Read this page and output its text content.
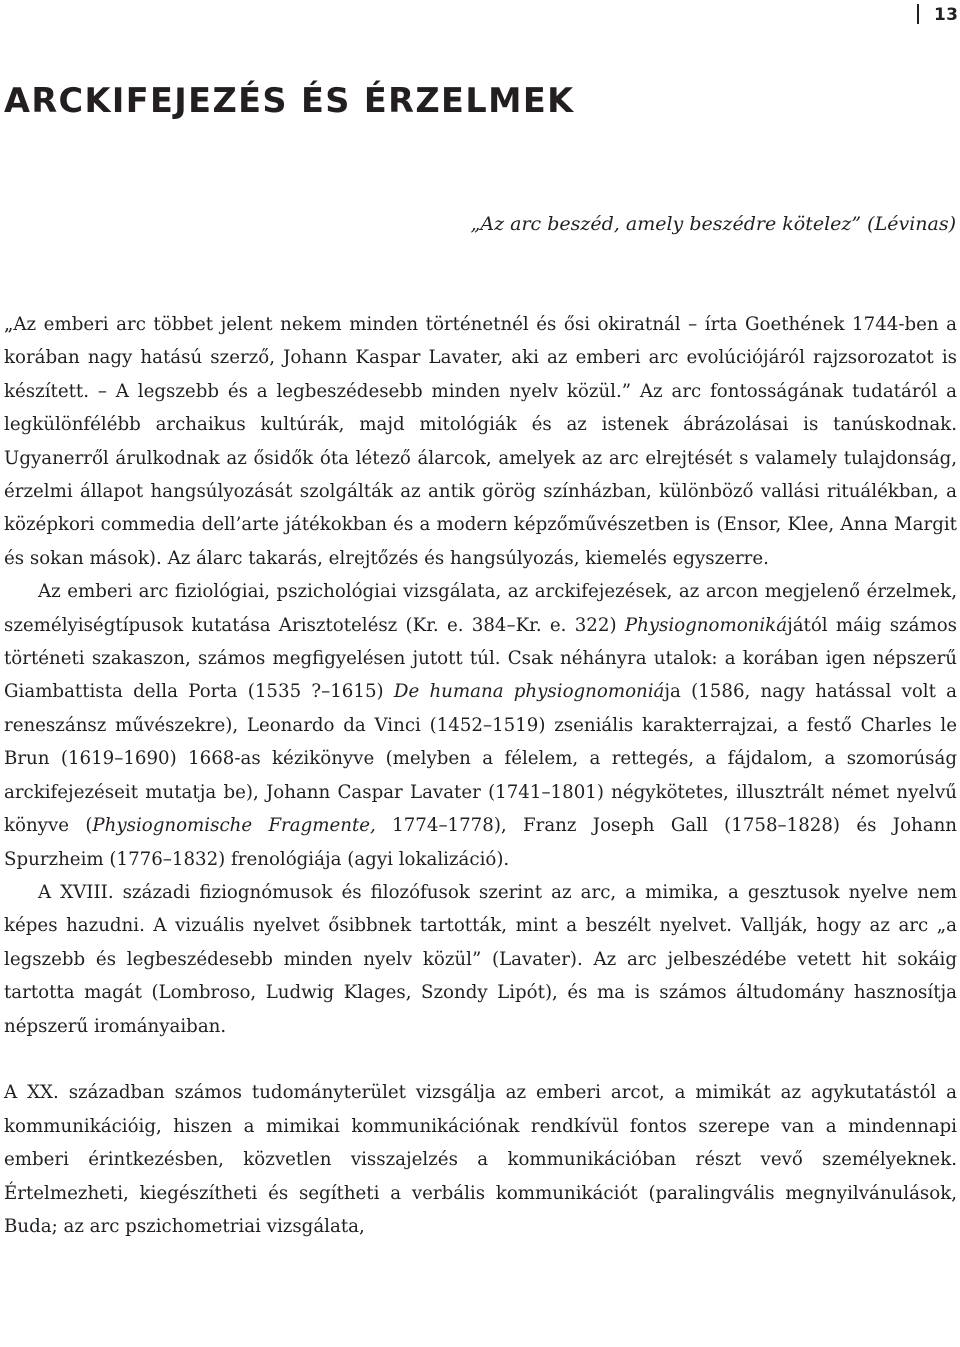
13
ARCKIFEJEZÉS ÉS ÉRZELMEK

„Az arc beszéd, amely beszédre kötelez” (Lévinas)

„Az emberi arc többet jelent nekem minden történetnél és ősi okiratnál – írta Goethének 1744-ben a korában nagy hatású szerző, Johann Kaspar Lavater, aki az emberi arc evolúciójáról rajzsorozatot is készített. – A legszebb és a legbeszédesebb minden nyelv közül.” Az arc fontosságának tudatáról a legkülönfélébb archaikus kultúrák, majd mitológiák és az istenek ábrázolásai is tanúskodnak. Ugyanerről árulkodnak az ősidők óta létező álarcok, amelyek az arc elrejtését s valamely tulajdonság, érzelmi állapot hangsúlyozását szolgálták az antik görög színházban, különböző vallási rituálékban, a középkori commedia dell’arte játékokban és a modern képzőművészetben is (Ensor, Klee, Anna Margit és sokan mások). Az álarc takarás, elrejtőzés és hangsúlyozás, kiemelés egyszerre.

Az emberi arc fiziológiai, pszichológiai vizsgálata, az arckifejezések, az arcon megjelenő érzelmek, személyiségtípusok kutatása Arisztotelész (Kr. e. 384–Kr. e. 322) Physiognomonikájától máig számos történeti szakaszon, számos megfigyelésen jutott túl. Csak néhányra utalok: a korában igen népszerű Giambattista della Porta (1535 ?–1615) De humana physiognomoniája (1586, nagy hatással volt a reneszánsz művészekre), Leonardo da Vinci (1452–1519) zseniális karakterrajzai, a festő Charles le Brun (1619–1690) 1668-as kézikönyve (melyben a félelem, a rettegés, a fájdalom, a szomorúság arckifejezéseit mutatja be), Johann Caspar Lavater (1741–1801) négykötetes, illusztrált német nyelvű könyve (Physiognomische Fragmente, 1774–1778), Franz Joseph Gall (1758–1828) és Johann Spurzheim (1776–1832) frenológiája (agyi lokalizáció).

A XVIII. századi fiziognómusok és filozófusok szerint az arc, a mimika, a gesztusok nyelve nem képes hazudni. A vizuális nyelvet ősibbnek tartották, mint a beszélt nyelvet. Vallják, hogy az arc „a legszebb és legbeszédesebb minden nyelv közül” (Lavater). Az arc jelbeszédébe vetett hit sokáig tartotta magát (Lombroso, Ludwig Klages, Szondy Lipót), és ma is számos áltudomány hasznosítja népszerű irományaiban.

A XX. században számos tudományterület vizsgálja az emberi arcot, a mimikát az agykutatástól a kommunikációig, hiszen a mimikai kommunikációnak rendkívül fontos szerepe van a mindennapi emberi érintkezésben, közvetlen visszajelzés a kommunikációban részt vevő személyeknek. Értelmezheti, kiegészítheti és segítheti a verbális kommunikációt (paralingvális megnyilvánulások, Buda; az arc pszichometriai vizsgálata,
